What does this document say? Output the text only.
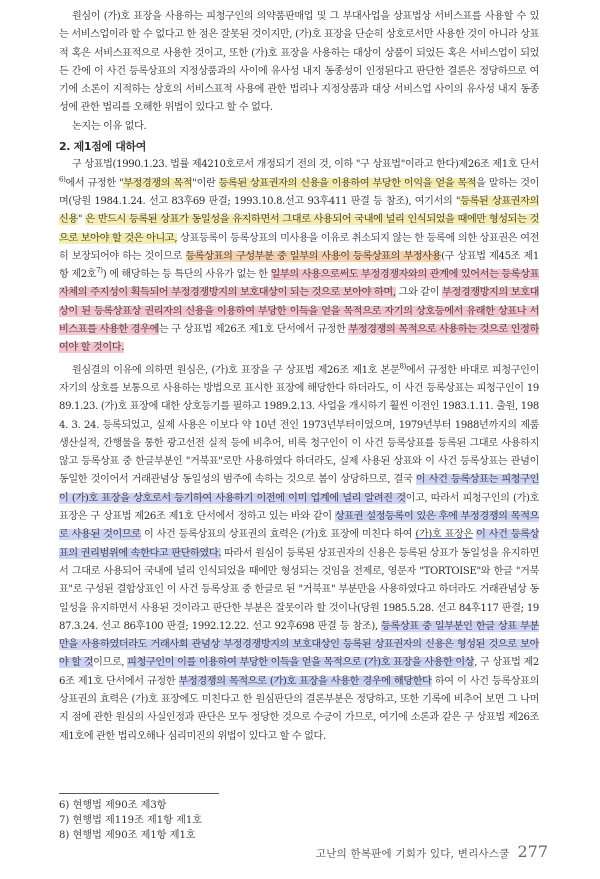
원심이 (가)호 표장을 사용하는 피청구인의 의약품판매업 및 그 부대사업을 상표법상 서비스표를 사용할 수 있는 서비스업이라 할 수 없다고 한 점은 잘못된 것이지만, (가)호 표장을 단순히 상호로서만 사용한 것이 아니라 상표적 혹은 서비스표적으로 사용한 것이고, 또한 (가)호 표장을 사용하는 대상이 상품이 되었든 혹은 서비스업이 되었든 간에 이 사건 등록상표의 지정상품과의 사이에 유사성 내지 동종성이 인정된다고 판단한 결론은 정당하므로 여기에 소론이 지적하는 상호의 서비스표적 사용에 관한 법리나 지정상품과 대상 서비스업 사이의 유사성 내지 동종성에 관한 법리를 오해한 위법이 있다고 할 수 없다.

논지는 이유 없다.

2. 제1점에 대하여

구 상표법(1990.1.23. 법률 제4210호로서 개정되기 전의 것, 이하 "구 상표법"이라고 한다)제26조 제1호 단서$^{6)}$에서 규정한 "부정경쟁의 목적"이란 등록된 상표권자의 신용을 이용하여 부당한 이익을 얻을 목적을 말하는 것이며(당원 1984.1.24. 선고 83후69 판결; 1993.10.8.선고 93후411 판결 등 참조), 여기서의 "등록된 상표권자의 신용" 은 반드시 등록된 상표가 동일성을 유지하면서 그대로 사용되어 국내에 널리 인식되었을 때에만 형성되는 것으로 보아야 할 것은 아니고, 상표등록이 등록상표의 미사용을 이유로 취소되지 않는 한 등록에 의한 상표권은 여전히 보장되어야 하는 것이므로 등록상표의 구성부분 중 일부의 사용이 등록상표의 부정사용(구 상표법 제45조 제1항 제2호$^{7)}$) 에 해당하는 등 특단의 사유가 없는 한 일부의 사용으로써도 부정경쟁자와의 관계에 있어서는 등록상표 자체의 주지성이 획득되어 부정경쟁방지의 보호대상이 되는 것으로 보아야 하며, 그와 같이 부정경쟁방지의 보호대상이 된 등록상표상 권리자의 신용을 이용하여 부당한 이득을 얻을 목적으로 자기의 상호등에서 유래한 상표나 서비스표를 사용한 경우에는 구 상표법 제26조 제1호 단서에서 규정한 부정경쟁의 목적으로 사용하는 것으로 인정하여야 할 것이다.

원심결의 이유에 의하면 원심은, (가)호 표장을 구 상표법 제26조 제1호 본문$^{8)}$에서 규정한 바대로 피청구인이 자기의 상호를 보통으로 사용하는 방법으로 표시한 표장에 해당한다 하더라도, 이 사건 등록상표는 피청구인이 1989.1.23. (가)호 표장에 대한 상호등기를 필하고 1989.2.13. 사업을 개시하기 훨씬 이전인 1983.1.11. 출원, 1984. 3. 24. 등록되었고, 실제 사용은 이보다 약 10년 전인 1973년부터이었으며, 1979년부터 1988년까지의 제품 생산실적, 간행물을 통한 광고선전 실적 등에 비추어, 비록 청구인이 이 사건 등록상표를 등록된 그대로 사용하지 않고 등록상표 중 한글부분인 "거북표"로만 사용하였다 하더라도, 실제 사용된 상표와 이 사건 등록상표는 관념이 동일한 것이어서 거래관념상 동일성의 범주에 속하는 것으로 봄이 상당하므로, 결국 이 사건 등록상표는 피청구인이 (가)호 표장을 상호로서 등기하여 사용하기 이전에 이미 업계에 널리 알려진 것이고, 따라서 피청구인의 (가)호 표장은 구 상표법 제26조 제1호 단서에서 정하고 있는 바와 같이 상표권 설정등록이 있은 후에 부정경쟁의 목적으로 사용된 것이므로 이 사건 등록상표의 상표권의 효력은 (가)호 표장에 미친다 하여 (가)호 표장은 이 사건 등록상표의 권리범위에 속한다고 판단하였다. 따라서 원심이 등록된 상표권자의 신용은 등록된 상표가 동일성을 유지하면서 그대로 사용되어 국내에 널리 인식되었을 때에만 형성되는 것임을 전제로, 영문자 "TORTOISE"와 한글 "거북표"로 구성된 결합상표인 이 사건 등록상표 중 한글로 된 "거북표" 부분만을 사용하였다고 하더라도 거래관념상 동일성을 유지하면서 사용된 것이라고 판단한 부분은 잘못이라 할 것이나(당원 1985.5.28. 선고 84후117 판결; 1987.3.24. 선고 86후100 판결; 1992.12.22. 선고 92후698 판결 등 참조), 등록상표 중 일부분인 한글 상표 부분만을 사용하였더라도 거래사회 관념상 부정경쟁방지의 보호대상인 등록된 상표권자의 신용은 형성된 것으로 보아야 할 것이므로, 피청구인이 이를 이용하여 부당한 이득을 얻을 목적으로 (가)호 표장을 사용한 이상, 구 상표법 제26조 제1호 단서에서 규정한 부정경쟁의 목적으로 (가)호 표장을 사용한 경우에 해당한다 하여 이 사건 등록상표의 상표권의 효력은 (가)호 표장에도 미친다고 한 원심판단의 결론부분은 정당하고, 또한 기록에 비추어 보면 그 나머지 점에 관한 원심의 사실인정과 판단은 모두 정당한 것으로 수긍이 가므로, 여기에 소론과 같은 구 상표법 제26조 제1호에 관한 법리오해나 심리미진의 위법이 있다고 할 수 없다.

6) 현행법 제90조 제3항
7) 현행법 제119조 제1항 제1호
8) 현행법 제90조 제1항 제1호
고난의 한복판에 기회가 있다, 변리사스쿨 277
